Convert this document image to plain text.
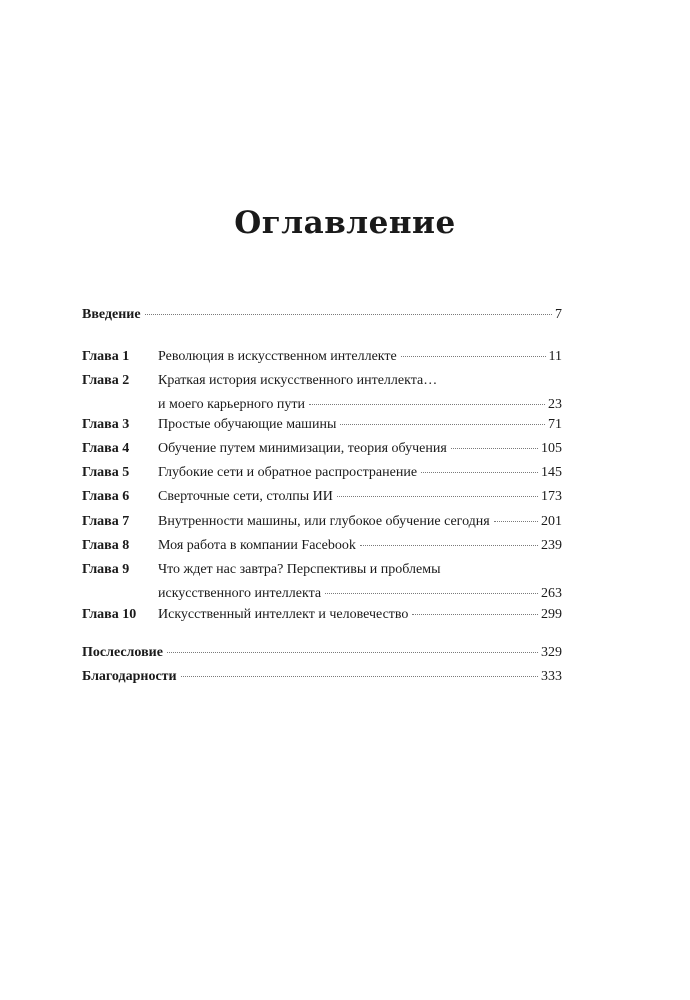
Оглавление
Введение	7
Глава 1 Революция в искусственном интеллекте	11
Глава 2 Краткая история искусственного интеллекта…
и моего карьерного пути	23
Глава 3 Простые обучающие машины	71
Глава 4 Обучение путем минимизации, теория обучения	105
Глава 5 Глубокие сети и обратное распространение	145
Глава 6 Сверточные сети, столпы ИИ	173
Глава 7 Внутренности машины, или глубокое обучение сегодня	201
Глава 8 Моя работа в компании Facebook	239
Глава 9 Что ждет нас завтра? Перспективы и проблемы
искусственного интеллекта	263
Глава 10 Искусственный интеллект и человечество	299
Послесловие	329
Благодарности	333
